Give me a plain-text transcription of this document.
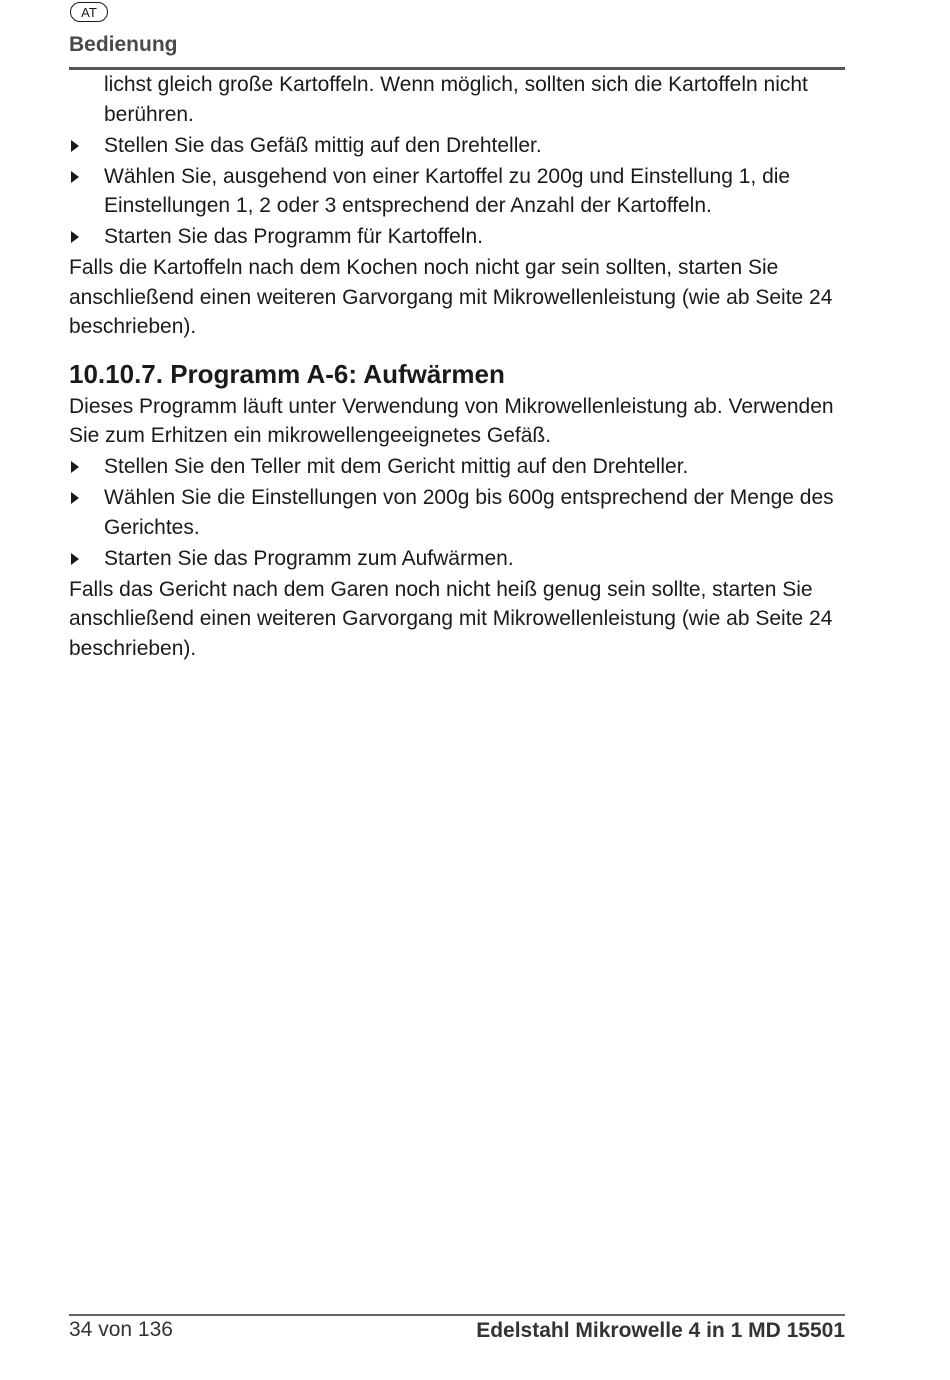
AT
Bedienung
lichst gleich große Kartoffeln. Wenn möglich, sollten sich die Kartoffeln nicht berühren.
Stellen Sie das Gefäß mittig auf den Drehteller.
Wählen Sie, ausgehend von einer Kartoffel zu 200g und Einstellung 1, die Einstellungen 1, 2 oder 3 entsprechend der Anzahl der Kartoffeln.
Starten Sie das Programm für Kartoffeln.
Falls die Kartoffeln nach dem Kochen noch nicht gar sein sollten, starten Sie anschließend einen weiteren Garvorgang mit Mikrowellenleistung (wie ab Seite 24 beschrieben).
10.10.7. Programm A-6: Aufwärmen
Dieses Programm läuft unter Verwendung von Mikrowellenleistung ab. Verwenden Sie zum Erhitzen ein mikrowellengeeignetes Gefäß.
Stellen Sie den Teller mit dem Gericht mittig auf den Drehteller.
Wählen Sie die Einstellungen von 200g bis 600g entsprechend der Menge des Gerichtes.
Starten Sie das Programm zum Aufwärmen.
Falls das Gericht nach dem Garen noch nicht heiß genug sein sollte, starten Sie anschließend einen weiteren Garvorgang mit Mikrowellenleistung (wie ab Seite 24 beschrieben).
34 von 136	Edelstahl Mikrowelle 4 in 1 MD 15501
